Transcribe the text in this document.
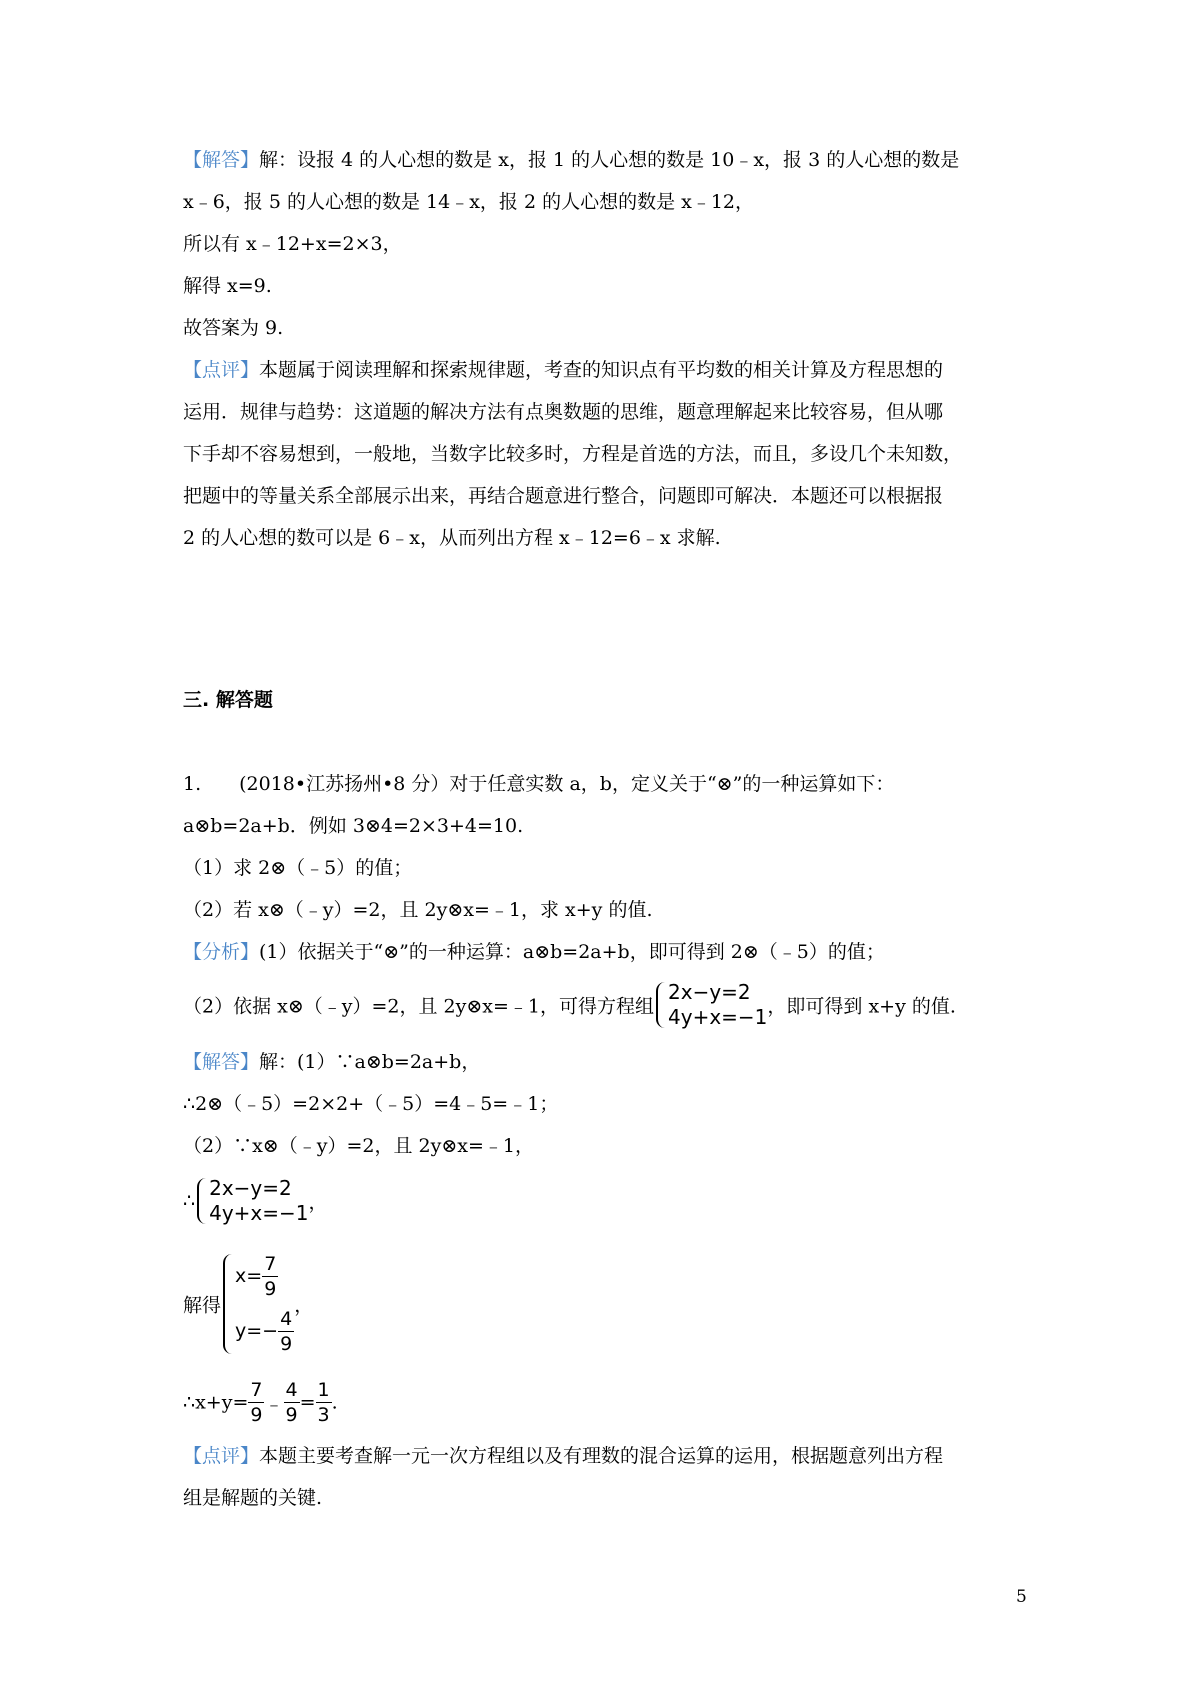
【解答】解：设报 4 的人心想的数是 x，报 1 的人心想的数是 10﹣x，报 3 的人心想的数是
x﹣6，报 5 的人心想的数是 14﹣x，报 2 的人心想的数是 x﹣12，
所以有 x﹣12+x=2×3，
解得 x=9.
故答案为 9.
【点评】本题属于阅读理解和探索规律题，考查的知识点有平均数的相关计算及方程思想的
运用．规律与趋势：这道题的解决方法有点奥数题的思维，题意理解起来比较容易，但从哪
下手却不容易想到，一般地，当数字比较多时，方程是首选的方法，而且，多设几个未知数，
把题中的等量关系全部展示出来，再结合题意进行整合，问题即可解决．本题还可以根据报
2 的人心想的数可以是 6﹣x，从而列出方程 x﹣12=6﹣x 求解.
三. 解答题
1.　　(2018•江苏扬州•8 分）对于任意实数 a，b，定义关于“⊗”的一种运算如下：
a⊗b=2a+b．例如 3⊗4=2×3+4=10.
（1）求 2⊗（﹣5）的值；
（2）若 x⊗（﹣y）=2，且 2y⊗x=﹣1，求 x+y 的值.
【分析】(1）依据关于“⊗”的一种运算：a⊗b=2a+b，即可得到 2⊗（﹣5）的值；
（2）依据 x⊗（﹣y）=2，且 2y⊗x=﹣1，可得方程组
2x−y=2
4y+x=−1 ，即可得到 x+y 的值.
【解答】解：(1）∵a⊗b=2a+b，
∴2⊗（﹣5）=2×2+（﹣5）=4﹣5=﹣1；
（2）∵x⊗（﹣y）=2，且 2y⊗x=﹣1，
∴
2x−y=2
4y+x=−1 ，
解得
$x= \frac{7}{9}$
$y=- \frac{4}{9}$
，
∴x+y= $\frac{7}{9}$ ﹣ $\frac{4}{9} = \frac{1}{3}$ .
【点评】本题主要考查解一元一次方程组以及有理数的混合运算的运用，根据题意列出方程
组是解题的关键.
5
